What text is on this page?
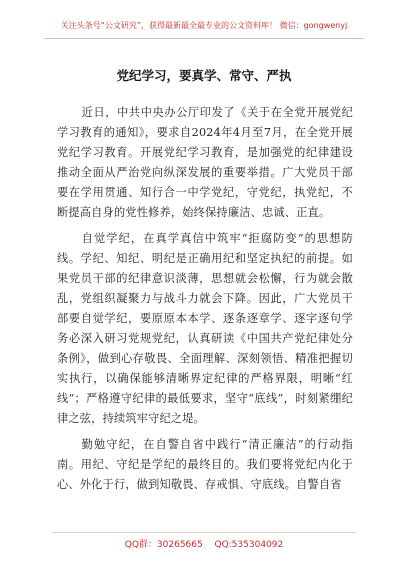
关注头条号“公文研究”，获得最新最全最专业的公文资料库！ 微信：gongwenyj
党纪学习，要真学、常守、严执

近日，中共中央办公厅印发了《关于在全党开展党纪学习教育的通知》，要求自2024年4月至7月，在全党开展党纪学习教育。开展党纪学习教育，是加强党的纪律建设推动全面从严治党向纵深发展的重要举措。广大党员干部要在学用贯通、知行合一中学党纪，守党纪，执党纪，不断提高自身的党性修养，始终保持廉洁、忠诚、正直。

自觉学纪，在真学真信中筑牢“拒腐防变”的思想防线。学纪、知纪、明纪是正确用纪和坚定执纪的前提。如果党员干部的纪律意识淡薄，思想就会松懈，行为就会散乱，党组织凝聚力与战斗力就会下降。因此，广大党员干部要自觉学纪，要原原本本学、逐条逐章学、逐字逐句学务必深入研习党规党纪，认真研读《中国共产党纪律处分条例》，做到心存敬畏、全面理解、深刻领悟、精准把握切实执行，以确保能够清晰界定纪律的严格界限，明晰“红线”；严格遵守纪律的最低要求，坚守“底线”，时刻紧绷纪律之弦，持续筑牢守纪之堤。

勤勉守纪，在自警自省中践行“清正廉洁”的行动指南。用纪、守纪是学纪的最终目的。我们要将党纪内化于心、外化于行，做到知敬畏、存戒惧、守底线。自警自省

QQ群：30265665 QQ:535304092
